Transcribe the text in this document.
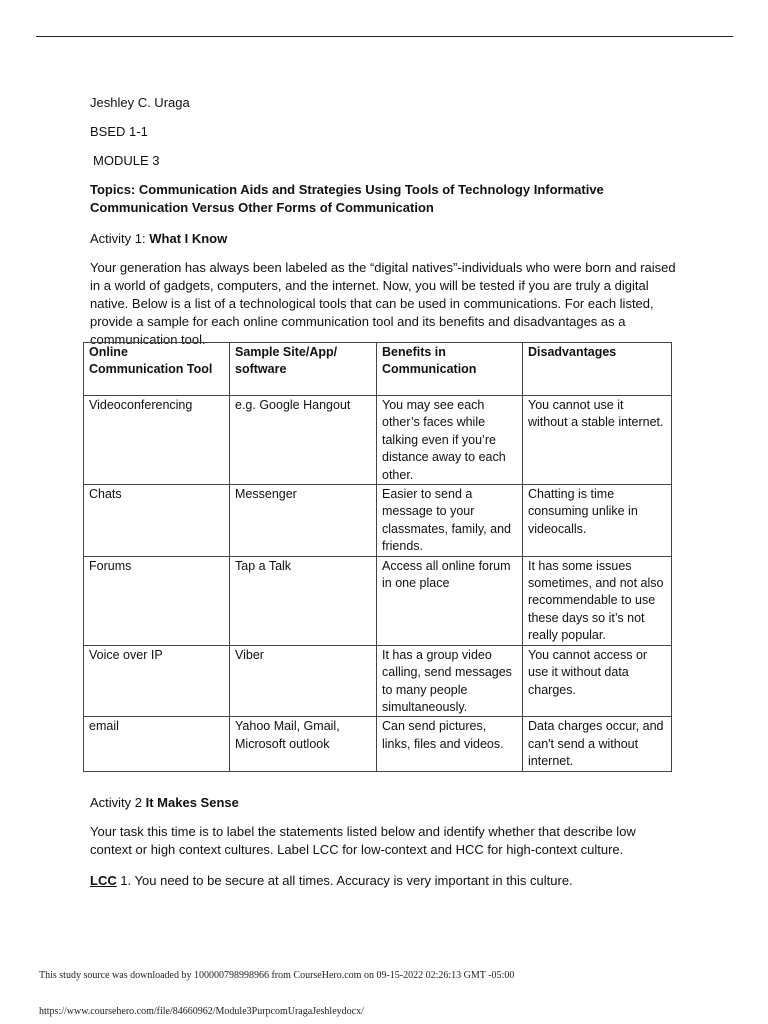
Jeshley C. Uraga

BSED 1-1

MODULE 3

Topics: Communication Aids and Strategies Using Tools of Technology Informative Communication Versus Other Forms of Communication

Activity 1: What I Know

Your generation has always been labeled as the “digital natives”-individuals who were born and raised in a world of gadgets, computers, and the internet. Now, you will be tested if you are truly a digital native. Below is a list of a technological tools that can be used in communications. For each listed, provide a sample for each online communication tool and its benefits and disadvantages as a communication tool.

Online Communication Tool	Sample Site/App/ software	Benefits in Communication	Disadvantages
Videoconferencing	e.g. Google Hangout	You may see each other’s faces while talking even if you’re distance away to each other.	You cannot use it without a stable internet.
Chats	Messenger	Easier to send a message to your classmates, family, and friends.	Chatting is time consuming unlike in videocalls.
Forums	Tap a Talk	Access all online forum in one place	It has some issues sometimes, and not also recommendable to use these days so it’s not really popular.
Voice over IP	Viber	It has a group video calling, send messages to many people simultaneously.	You cannot access or use it without data charges.
email	Yahoo Mail, Gmail, Microsoft outlook	Can send pictures, links, files and videos.	Data charges occur, and can't send a without internet.

Activity 2 It Makes Sense

Your task this time is to label the statements listed below and identify whether that describe low context or high context cultures. Label LCC for low-context and HCC for high-context culture.

LCC 1. You need to be secure at all times. Accuracy is very important in this culture.

This study source was downloaded by 100000798998966 from CourseHero.com on 09-15-2022 02:26:13 GMT -05:00
https://www.coursehero.com/file/84660962/Module3PurpcomUragaJeshleydocx/
